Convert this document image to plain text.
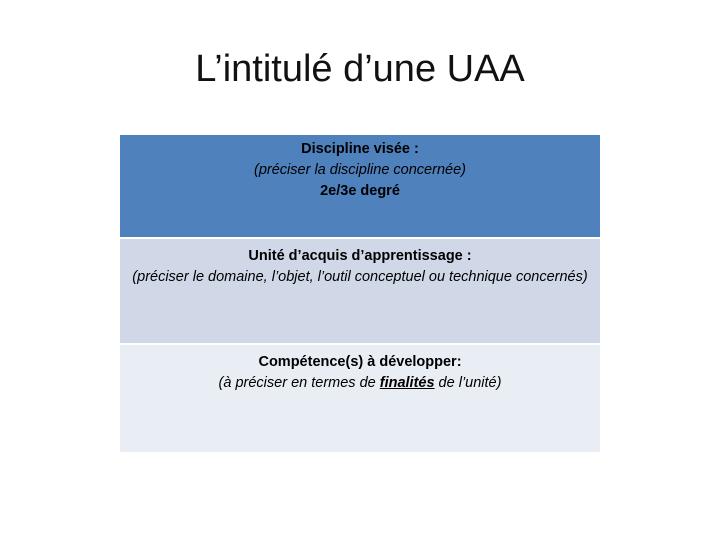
L’intitulé d’une UAA
Discipline visée :
(préciser la discipline concernée)
2e/3e degré
Unité d’acquis d’apprentissage :
(préciser le domaine, l’objet, l’outil conceptuel ou technique concernés)
Compétence(s) à développer:
(à préciser en termes de finalités de l’unité)
